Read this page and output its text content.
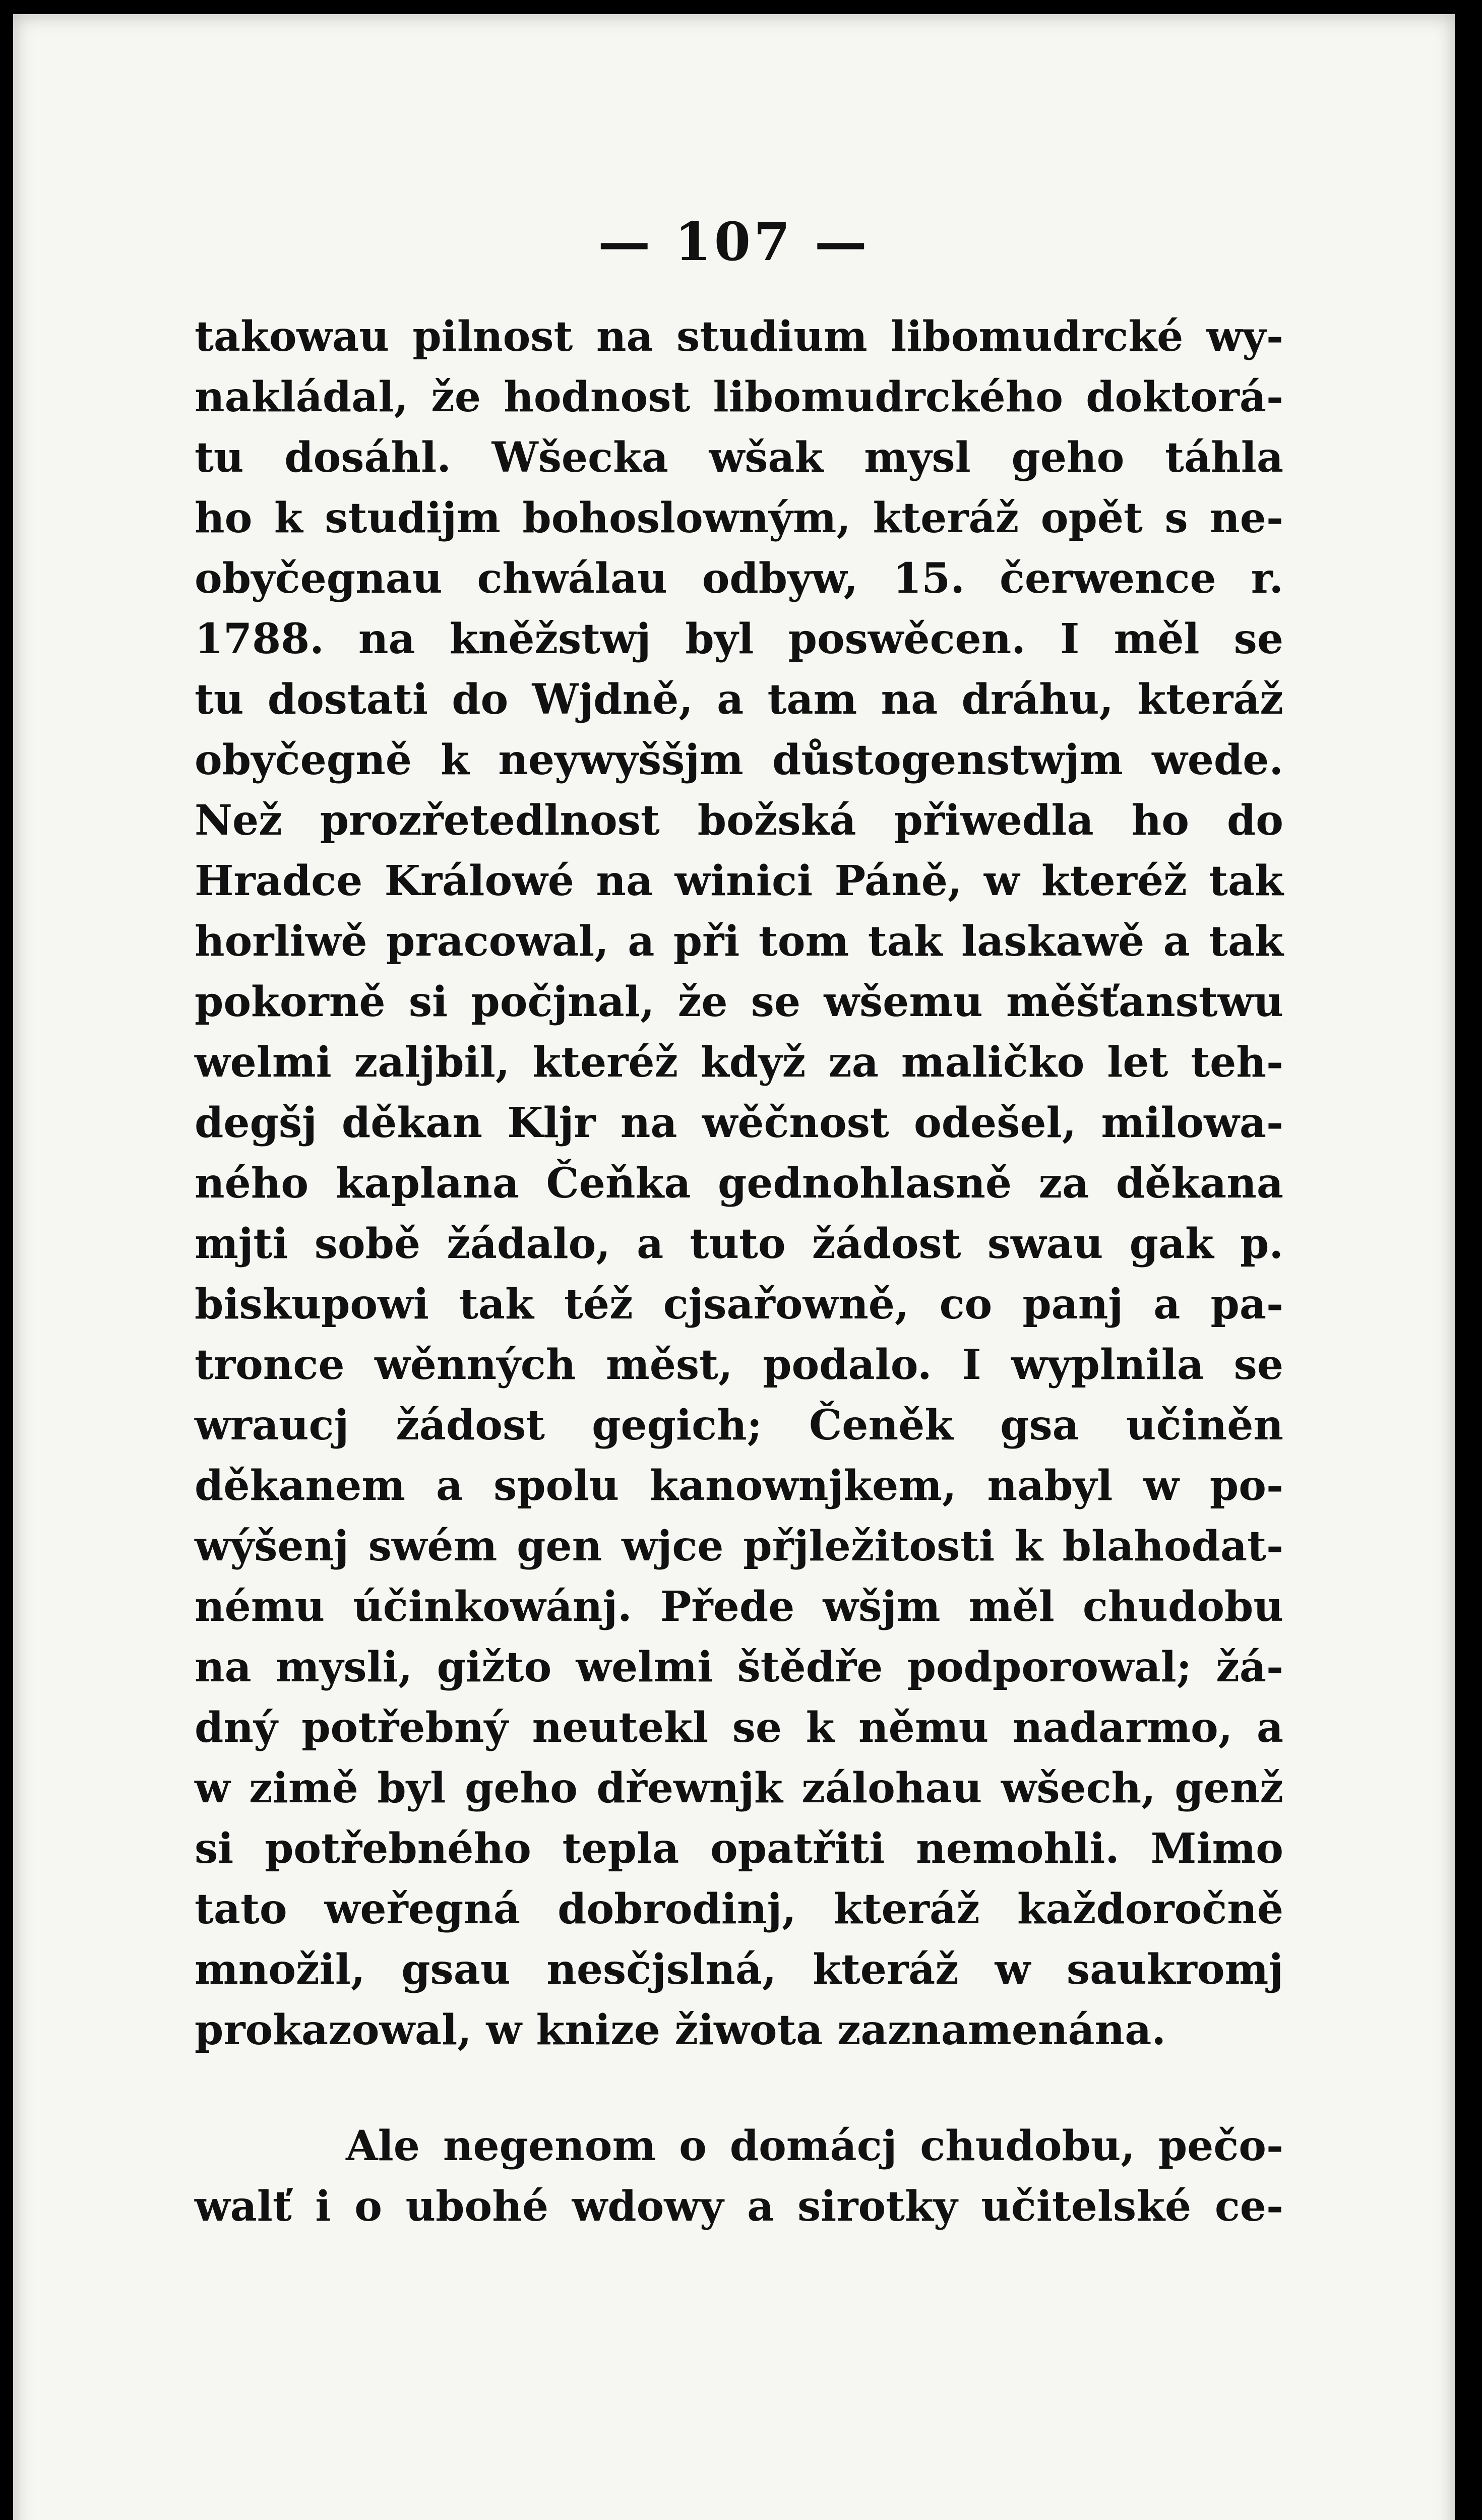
— 107 —
takowau pilnost na studium libomudrcké wy-
nakládal, že hodnost libomudrckého doktorá-
tu dosáhl. Wšecka wšak mysl geho táhla
ho k studijm bohoslowným, kteráž opět s ne-
obyčegnau chwálau odbyw, 15. čerwence r.
1788. na kněžstwj byl poswěcen. I měl se
tu dostati do Wjdně, a tam na dráhu, kteráž
obyčegně k neywyššjm důstogenstwjm wede.
Než prozřetedlnost božská přiwedla ho do
Hradce Králowé na winici Páně, w kteréž tak
horliwě pracowal, a při tom tak laskawě a tak
pokorně si počjnal, že se wšemu měšťanstwu
welmi zaljbil, kteréž když za maličko let teh-
degšj děkan Kljr na wěčnost odešel, milowa-
ného kaplana Čeňka gednohlasně za děkana
mjti sobě žádalo, a tuto žádost swau gak p.
biskupowi tak též cjsařowně, co panj a pa-
tronce wěnných měst, podalo. I wyplnila se
wraucj žádost gegich; Čeněk gsa učiněn
děkanem a spolu kanownjkem, nabyl w po-
wýšenj swém gen wjce přjležitosti k blahodat-
nému účinkowánj. Přede wšjm měl chudobu
na mysli, gižto welmi štědře podporowal; žá-
dný potřebný neutekl se k němu nadarmo, a
w zimě byl geho dřewnjk zálohau wšech, genž
si potřebného tepla opatřiti nemohli. Mimo
tato weřegná dobrodinj, kteráž každoročně
množil, gsau nesčjslná, kteráž w saukromj
prokazowal, w knize žiwota zaznamenána.
Ale negenom o domácj chudobu, pečo-
walť i o ubohé wdowy a sirotky učitelské ce-
